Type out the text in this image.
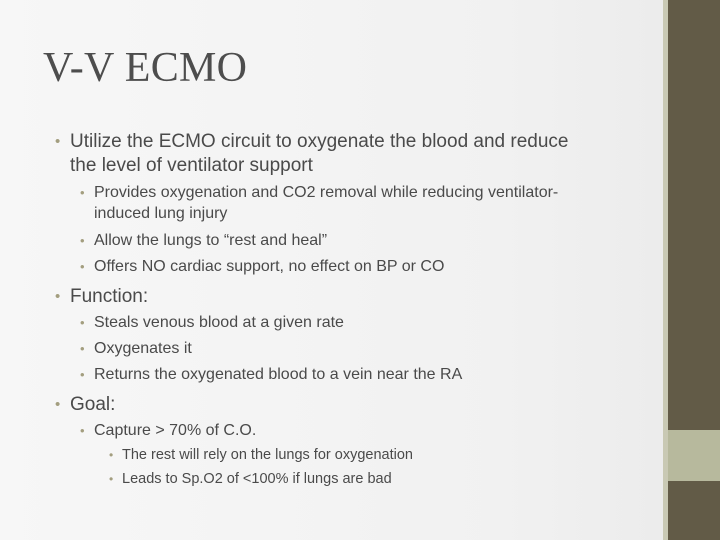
V-V ECMO
• Utilize the ECMO circuit to oxygenate the blood and reduce
the level of ventilator support
• Provides oxygenation and CO2 removal while reducing ventilator-
induced lung injury
• Allow the lungs to “rest and heal”
• Offers NO cardiac support, no effect on BP or CO
• Function:
• Steals venous blood at a given rate
• Oxygenates it
• Returns the oxygenated blood to a vein near the RA
• Goal:
• Capture > 70% of C.O.
• The rest will rely on the lungs for oxygenation
• Leads to Sp.O2 of <100% if lungs are bad
